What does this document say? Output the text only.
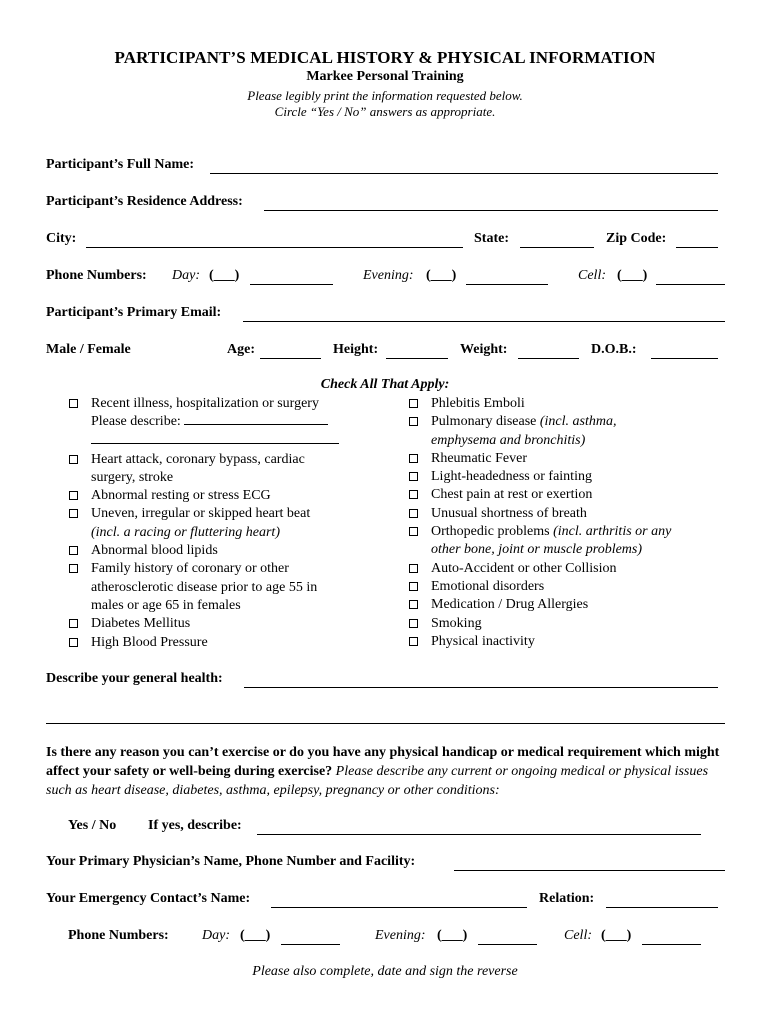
PARTICIPANT’S MEDICAL HISTORY & PHYSICAL INFORMATION
Markee Personal Training
Please legibly print the information requested below.
Circle “Yes / No” answers as appropriate.
Participant’s Full Name:
Participant’s Residence Address:
City:	State:	Zip Code:
Phone Numbers: Day: (___)	Evening: (___)	Cell: (___)
Participant’s Primary Email:
Male / Female	Age:	Height:	Weight:	D.O.B.:
Check All That Apply:
Recent illness, hospitalization or surgery
Please describe:
Heart attack, coronary bypass, cardiac
surgery, stroke
Abnormal resting or stress ECG
Uneven, irregular or skipped heart beat
(incl. a racing or fluttering heart)
Abnormal blood lipids
Family history of coronary or other
atherosclerotic disease prior to age 55 in
males or age 65 in females
Diabetes Mellitus
High Blood Pressure
Phlebitis Emboli
Pulmonary disease (incl. asthma,
emphysema and bronchitis)
Rheumatic Fever
Light-headedness or fainting
Chest pain at rest or exertion
Unusual shortness of breath
Orthopedic problems (incl. arthritis or any
other bone, joint or muscle problems)
Auto-Accident or other Collision
Emotional disorders
Medication / Drug Allergies
Smoking
Physical inactivity
Describe your general health:
Is there any reason you can’t exercise or do you have any physical handicap or medical requirement which might affect your safety or well-being during exercise? Please describe any current or ongoing medical or physical issues such as heart disease, diabetes, asthma, epilepsy, pregnancy or other conditions:
Yes / No If yes, describe:
Your Primary Physician’s Name, Phone Number and Facility:
Your Emergency Contact’s Name:	Relation:
Phone Numbers: Day: (___)	Evening: (___)	Cell: (___)
Please also complete, date and sign the reverse
